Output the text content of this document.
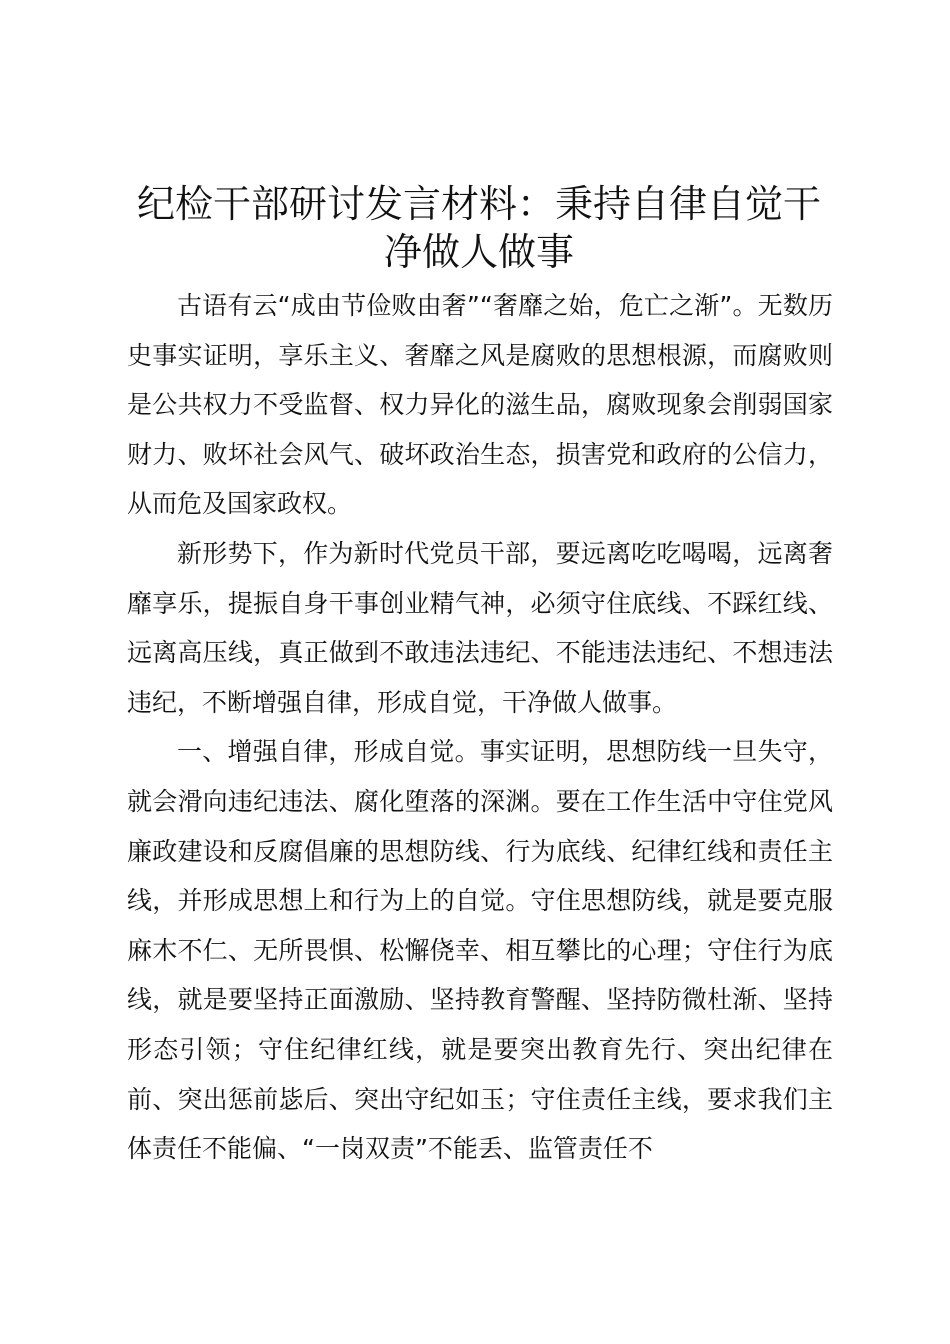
纪检干部研讨发言材料：秉持自律自觉干净做人做事

古语有云“成由节俭败由奢”“奢靡之始，危亡之渐”。无数历史事实证明，享乐主义、奢靡之风是腐败的思想根源，而腐败则是公共权力不受监督、权力异化的滋生品，腐败现象会削弱国家财力、败坏社会风气、破坏政治生态，损害党和政府的公信力，从而危及国家政权。

新形势下，作为新时代党员干部，要远离吃吃喝喝，远离奢靡享乐，提振自身干事创业精气神，必须守住底线、不踩红线、远离高压线，真正做到不敢违法违纪、不能违法违纪、不想违法违纪，不断增强自律，形成自觉，干净做人做事。

一、增强自律，形成自觉。事实证明，思想防线一旦失守，就会滑向违纪违法、腐化堕落的深渊。要在工作生活中守住党风廉政建设和反腐倡廉的思想防线、行为底线、纪律红线和责任主线，并形成思想上和行为上的自觉。守住思想防线，就是要克服麻木不仁、无所畏惧、松懈侥幸、相互攀比的心理；守住行为底线，就是要坚持正面激励、坚持教育警醒、坚持防微杜渐、坚持形态引领；守住纪律红线，就是要突出教育先行、突出纪律在前、突出惩前毖后、突出守纪如玉；守住责任主线，要求我们主体责任不能偏、“一岗双责”不能丢、监管责任不
